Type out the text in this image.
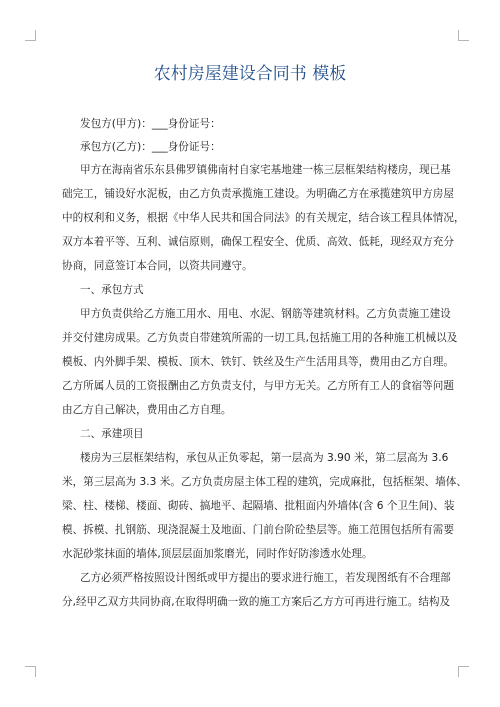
农村房屋建设合同书 模板
发包方(甲方)：___身份证号：
承包方(乙方)：___身份证号：
甲方在海南省乐东县佛罗镇佛南村自家宅基地建一栋三层框架结构楼房，现已基
础完工，铺设好水泥板，由乙方负责承揽施工建设。为明确乙方在承揽建筑甲方房屋
中的权利和义务，根据《中华人民共和国合同法》的有关规定，结合该工程具体情况，
双方本着平等、互利、诚信原则，确保工程安全、优质、高效、低耗，现经双方充分
协商，同意签订本合同，以资共同遵守。
一、承包方式
甲方负责供给乙方施工用水、用电、水泥、钢筋等建筑材料。乙方负责施工建设
并交付建房成果。乙方负责自带建筑所需的一切工具,包括施工用的各种施工机械以及
模板、内外脚手架、模板、顶木、铁钉、铁丝及生产生活用具等，费用由乙方自理。
乙方所属人员的工资报酬由乙方负责支付，与甲方无关。乙方所有工人的食宿等问题
由乙方自己解决，费用由乙方自理。
二、承建项目
楼房为三层框架结构，承包从正负零起，第一层高为 3.90 米，第二层高为 3.6
米，第三层高为 3.3 米。乙方负责房屋主体工程的建筑，完成麻批，包括框架、墙体、
梁、柱、楼梯、楼面、砌砖、搞地平、起隔墙、批粗面内外墙体(含 6 个卫生间)、装
模、拆模、扎钢筋、现浇混凝土及地面、门前台阶砼垫层等。施工范围包括所有需要
水泥砂浆抹面的墙体,顶层层面加浆磨光，同时作好防渗透水处理。
乙方必须严格按照设计图纸或甲方提出的要求进行施工，若发现图纸有不合理部
分,经甲乙双方共同协商,在取得明确一致的施工方案后乙方方可再进行施工。结构及
